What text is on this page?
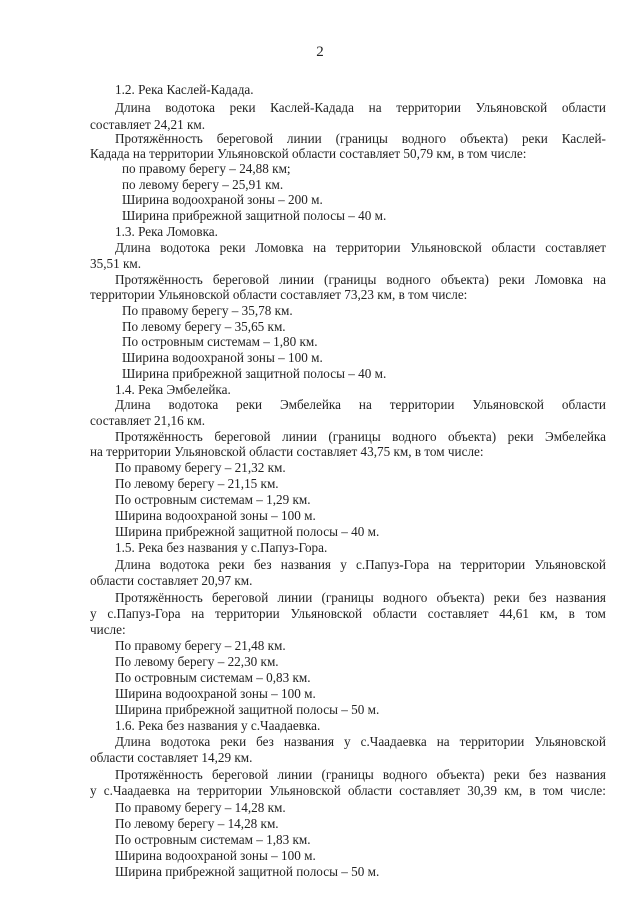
2
1.2. Река Каслей-Кадада.
Длина водотока реки Каслей-Кадада на территории Ульяновской области
составляет 24,21 км.
Протяжённость береговой линии (границы водного объекта) реки Каслей-
Кадада на территории Ульяновской области составляет 50,79 км, в том числе:
по правому берегу – 24,88 км;
по левому берегу – 25,91 км.
Ширина водоохраной зоны – 200 м.
Ширина прибрежной защитной полосы – 40 м.
1.3. Река Ломовка.
Длина водотока реки Ломовка на территории Ульяновской области составляет
35,51 км.
Протяжённость береговой линии (границы водного объекта) реки Ломовка на
территории Ульяновской области составляет 73,23 км, в том числе:
По правому берегу – 35,78 км.
По левому берегу – 35,65 км.
По островным системам – 1,80 км.
Ширина водоохраной зоны – 100 м.
Ширина прибрежной защитной полосы – 40 м.
1.4. Река Эмбелейка.
Длина водотока реки Эмбелейка на территории Ульяновской области
составляет 21,16 км.
Протяжённость береговой линии (границы водного объекта) реки Эмбелейка
на территории Ульяновской области составляет 43,75 км, в том числе:
По правому берегу – 21,32 км.
По левому берегу – 21,15 км.
По островным системам – 1,29 км.
Ширина водоохраной зоны – 100 м.
Ширина прибрежной защитной полосы – 40 м.
1.5. Река без названия у с.Папуз-Гора.
Длина водотока реки без названия у с.Папуз-Гора на территории Ульяновской
области составляет 20,97 км.
Протяжённость береговой линии (границы водного объекта) реки без названия
у с.Папуз-Гора на территории Ульяновской области составляет 44,61 км, в том
числе:
По правому берегу – 21,48 км.
По левому берегу – 22,30 км.
По островным системам – 0,83 км.
Ширина водоохраной зоны – 100 м.
Ширина прибрежной защитной полосы – 50 м.
1.6. Река без названия у с.Чаадаевка.
Длина водотока реки без названия у с.Чаадаевка на территории Ульяновской
области составляет 14,29 км.
Протяжённость береговой линии (границы водного объекта) реки без названия
у с.Чаадаевка на территории Ульяновской области составляет 30,39 км, в том числе:
По правому берегу – 14,28 км.
По левому берегу – 14,28 км.
По островным системам – 1,83 км.
Ширина водоохраной зоны – 100 м.
Ширина прибрежной защитной полосы – 50 м.
